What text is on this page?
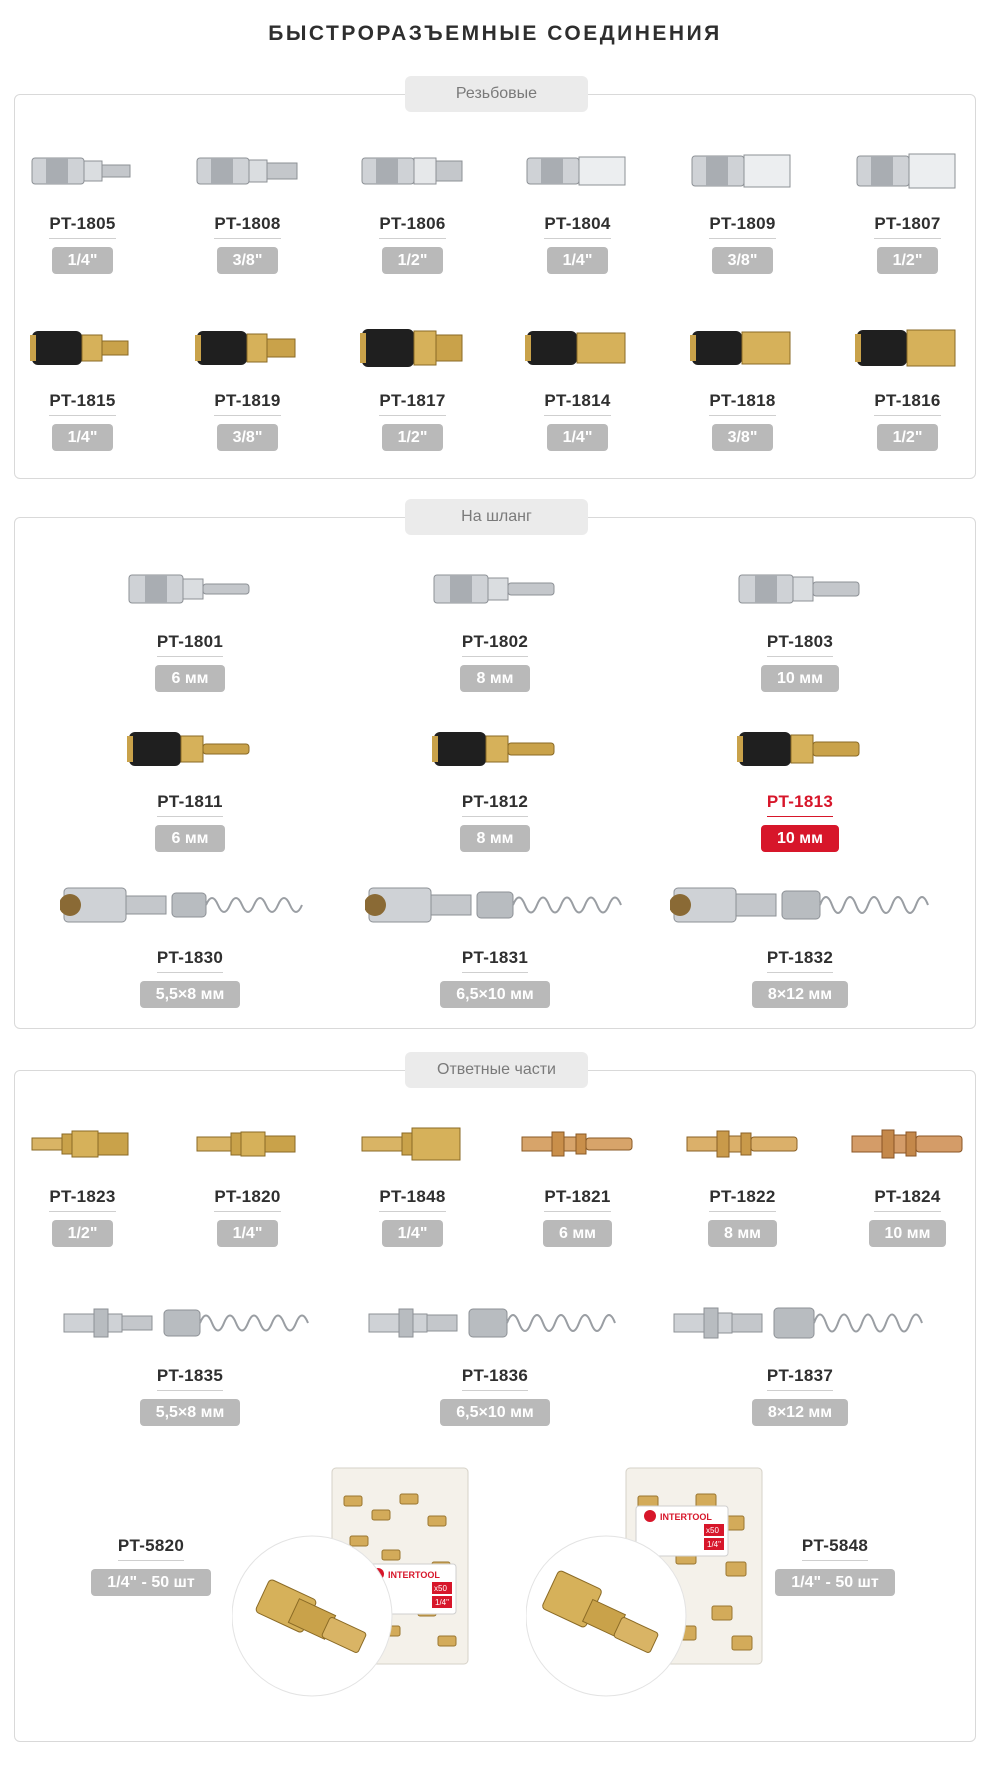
БЫСТРОРАЗЪЕМНЫЕ СОЕДИНЕНИЯ
Резьбовые
PT-1805
1/4"
PT-1808
3/8"
PT-1806
1/2"
PT-1804
1/4"
PT-1809
3/8"
PT-1807
1/2"
PT-1815
1/4"
PT-1819
3/8"
PT-1817
1/2"
PT-1814
1/4"
PT-1818
3/8"
PT-1816
1/2"
На шланг
PT-1801
6 мм
PT-1802
8 мм
PT-1803
10 мм
PT-1811
6 мм
PT-1812
8 мм
PT-1813
10 мм
PT-1830
5,5×8 мм
PT-1831
6,5×10 мм
PT-1832
8×12 мм
Ответные части
PT-1823
1/2"
PT-1820
1/4"
PT-1848
1/4"
PT-1821
6 мм
PT-1822
8 мм
PT-1824
10 мм
PT-1835
5,5×8 мм
PT-1836
6,5×10 мм
PT-1837
8×12 мм
PT-5820
1/4" - 50 шт	INTERTOOL
x50
1/4"
PT-5848
1/4" - 50 шт
INTERTOOL
x50
1/4"
